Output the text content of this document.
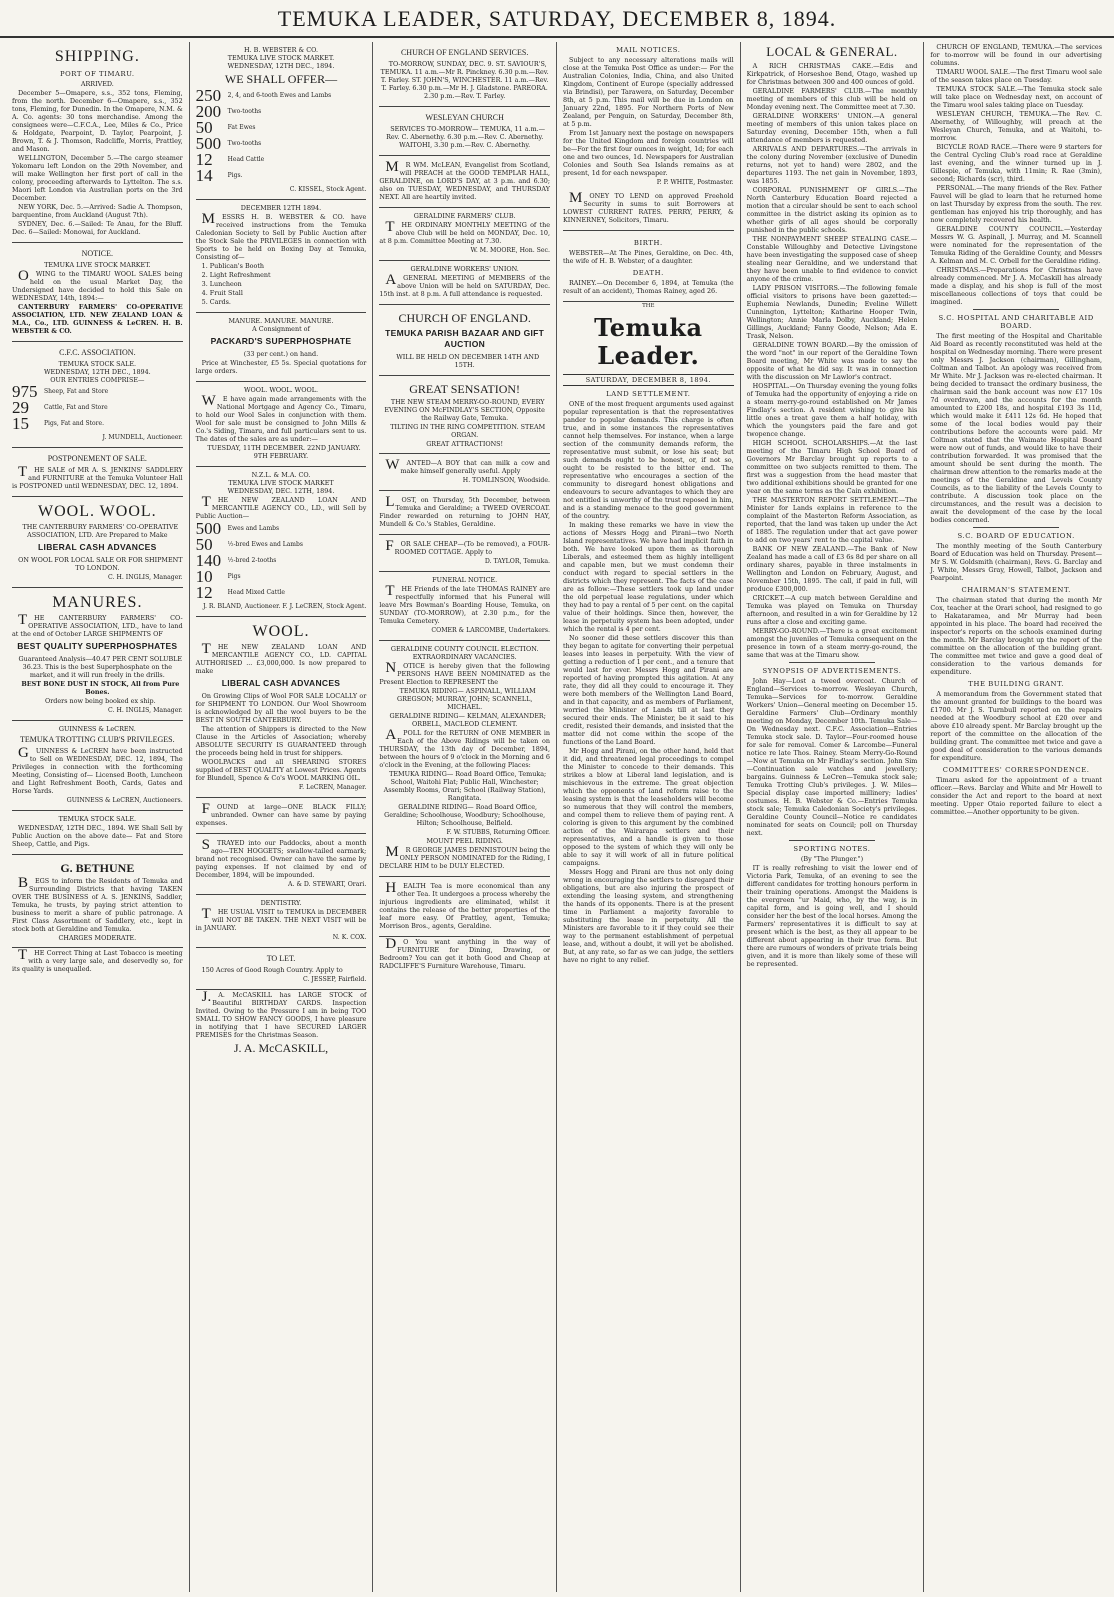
TEMUKA LEADER, SATURDAY, DECEMBER 8, 1894.
SHIPPING.
PORT OF TIMARU.
ARRIVED.
December 5—Omapere, s.s., 352 tons, Fleming, from the north. December 6—Omapere, s.s., 352 tons, Fleming, for Dunedin. In the Omapere, N.M. & A. Co. agents: 30 tons merchandise. Among the consignees were—C.F.C.A., Lee, Miles & Co., Price & Holdgate, Pearpoint, D. Taylor, Pearpoint, J. Brown, T. & J. Thomson, Radcliffe, Morris, Prattley, and Mason.
WELLINGTON, December 5.—The cargo steamer Yokomaru left London on the 29th November, and will make Wellington her first port of call in the colony, proceeding afterwards to Lyttelton. The s.s. Maori left London via Australian ports on the 3rd December.
NEW YORK, Dec. 5.—Arrived: Sadie A. Thompson, barquentine, from Auckland (August 7th).
SYDNEY, Dec. 6.—Sailed: Te Anau, for the Bluff. Dec. 6—Sailed: Monowai, for Auckland.
NOTICE.
TEMUKA LIVE STOCK MARKET.
OWING to the TIMARU WOOL SALES being held on the usual Market Day, the Undersigned have decided to hold this Sale on WEDNESDAY, 14th, 1894:—
CANTERBURY FARMERS' CO-OPERATIVE ASSOCIATION, LTD. NEW ZEALAND LOAN & M.A., Co., LTD. GUINNESS & LeCREN. H. B. WEBSTER & CO.
C.F.C. ASSOCIATION.
TEMUKA STOCK SALE.
WEDNESDAY, 12TH DEC., 1894.
OUR ENTRIES COMPRISE—
975	Sheep, Fat and Store
29	Cattle, Fat and Store
15	Pigs, Fat and Store.
J. MUNDELL, Auctioneer.
POSTPONEMENT OF SALE.
THE SALE of MR A. S. JENKINS' SADDLERY and FURNITURE at the Temuka Volunteer Hall is POSTPONED until WEDNESDAY, DEC. 12, 1894.
WOOL. WOOL.
THE CANTERBURY FARMERS' CO-OPERATIVE ASSOCIATION, LTD. Are Prepared to Make
LIBERAL CASH ADVANCES
ON WOOL FOR LOCAL SALE OR FOR SHIPMENT TO LONDON.
C. H. INGLIS, Manager.
MANURES.
THE CANTERBURY FARMERS' CO-OPERATIVE ASSOCIATION, LTD., have to land at the end of October LARGE SHIPMENTS OF
BEST QUALITY SUPERPHOSPHATES
Guaranteed Analysis—40.47 PER CENT SOLUBLE 36.23. This is the best Superphosphate on the market, and it will run freely in the drills.
BEST BONE DUST IN STOCK, All from Pure Bones.
Orders now being booked ex ship.
C. H. INGLIS, Manager.
GUINNESS & LeCREN.
TEMUKA TROTTING CLUB'S PRIVILEGES.
GUINNESS & LeCREN have been instructed to Sell on WEDNESDAY, DEC. 12, 1894, The Privileges in connection with the forthcoming Meeting, Consisting of— Licensed Booth, Luncheon and Light Refreshment Booth, Cards, Gates and Horse Yards.
GUINNESS & LeCREN, Auctioneers.
TEMUKA STOCK SALE.
WEDNESDAY, 12TH DEC., 1894. WE Shall Sell by Public Auction on the above date— Fat and Store Sheep, Cattle, and Pigs.
G. BETHUNE
BEGS to inform the Residents of Temuka and Surrounding Districts that having TAKEN OVER THE BUSINESS of A. S. JENKINS, Saddler, Temuka, he trusts, by paying strict attention to business to merit a share of public patronage. A First Class Assortment of Saddlery, etc., kept in stock both at Geraldine and Temuka.
CHARGES MODERATE.
THE Correct Thing at Last Tobacco is meeting with a very large sale, and deservedly so, for its quality is unequalled.
H. B. WEBSTER & CO.
TEMUKA LIVE STOCK MARKET.
WEDNESDAY, 12TH DEC., 1894.
WE SHALL OFFER—
250	2, 4, and 6-tooth Ewes and Lambs
200	Two-tooths
50	Fat Ewes
500	Two-tooths
12	Head Cattle
14	Pigs.
C. KISSEL, Stock Agent.
DECEMBER 12TH 1894.
MESSRS H. B. WEBSTER & CO. have received instructions from the Temuka Caledonian Society to Sell by Public Auction after the Stock Sale the PRIVILEGES in connection with Sports to be held on Boxing Day at Temuka, Consisting of—
1. Publican's Booth
2. Light Refreshment
3. Luncheon
4. Fruit Stall
5. Cards.
MANURE. MANURE. MANURE.
A Consignment of
PACKARD'S SUPERPHOSPHATE
(33 per cent.) on hand.
Price at Winchester, £5 5s. Special quotations for large orders.
WOOL. WOOL. WOOL.
WE have again made arrangements with the National Mortgage and Agency Co., Timaru, to hold our Wool Sales in conjunction with them. Wool for sale must be consigned to John Mills & Co.'s Siding, Timaru, and full particulars sent to us. The dates of the sales are as under:—
TUESDAY, 11TH DECEMBER. 22ND JANUARY. 9TH FEBRUARY.
N.Z.L. & M.A. CO.
TEMUKA LIVE STOCK MARKET
WEDNESDAY, DEC. 12TH, 1894.
THE NEW ZEALAND LOAN AND MERCANTILE AGENCY CO., LD., will Sell by Public Auction—
500	Ewes and Lambs
50	½-bred Ewes and Lambs
140	½-bred 2-tooths
10	Pigs
12	Head Mixed Cattle
J. R. BLAND, Auctioneer. F. J. LeCREN, Stock Agent.
WOOL.
THE NEW ZEALAND LOAN AND MERCANTILE AGENCY CO., LD. CAPITAL AUTHORISED ... £3,000,000. Is now prepared to make
LIBERAL CASH ADVANCES
On Growing Clips of Wool FOR SALE LOCALLY or for SHIPMENT TO LONDON. Our Wool Showroom is acknowledged by all the wool buyers to be the BEST IN SOUTH CANTERBURY.
The attention of Shippers is directed to the New Clause in the Articles of Association; whereby ABSOLUTE SECURITY IS GUARANTEED through the proceeds being held in trust for shippers.
WOOLPACKS and all SHEARING STORES supplied of BEST QUALITY at Lowest Prices. Agents for Blundell, Spence & Co's WOOL MARKING OIL.
F. LeCREN, Manager.
FOUND at large—ONE BLACK FILLY; unbranded. Owner can have same by paying expenses.
STRAYED into our Paddocks, about a month ago—TEN HOGGETS; swallow-tailed earmark; brand not recognised. Owner can have the same by paying expenses. If not claimed by end of December, 1894, will be impounded.
A. & D. STEWART, Orari.
DENTISTRY.
THE USUAL VISIT to TEMUKA in DECEMBER will NOT BE TAKEN. THE NEXT VISIT will be in JANUARY.
N. K. COX.
TO LET.
150 Acres of Good Rough Country. Apply to
C. JESSEP, Fairfield.
J.A. McCASKILL has LARGE STOCK of Beautiful BIRTHDAY CARDS. Inspection Invited. Owing to the Pressure I am in being TOO SMALL TO SHOW FANCY GOODS, I have pleasure in notifying that I have SECURED LARGER PREMISES for the Christmas Season.
J. A. McCASKILL,
CHURCH OF ENGLAND SERVICES.
TO-MORROW, SUNDAY, DEC. 9. ST. SAVIOUR'S, TEMUKA. 11 a.m.—Mr R. Pinckney. 6.30 p.m.—Rev. T. Farley. ST. JOHN'S, WINCHESTER. 11 a.m.—Rev. T. Farley. 6.30 p.m.—Mr H. J. Gladstone. PAREORA. 2.30 p.m.—Rev. T. Farley.
WESLEYAN CHURCH
SERVICES TO-MORROW— TEMUKA, 11 a.m.—Rev. C. Abernethy. 6.30 p.m.—Rev. C. Abernethy. WAITOHI, 3.30 p.m.—Rev. C. Abernethy.
MR WM. McLEAN, Evangelist from Scotland, will PREACH at the GOOD TEMPLAR HALL, GERALDINE, on LORD'S DAY, at 3 p.m. and 6.30; also on TUESDAY, WEDNESDAY, and THURSDAY NEXT. All are heartily invited.
GERALDINE FARMERS' CLUB.
THE ORDINARY MONTHLY MEETING of the above Club will be held on MONDAY, Dec. 10, at 8 p.m. Committee Meeting at 7.30.
W. M. MOORE, Hon. Sec.
GERALDINE WORKERS' UNION.
AGENERAL MEETING of MEMBERS of the above Union will be held on SATURDAY, Dec. 15th inst. at 8 p.m. A full attendance is requested.
CHURCH OF ENGLAND.
TEMUKA PARISH BAZAAR AND GIFT AUCTION
WILL BE HELD ON DECEMBER 14TH AND 15TH.
GREAT SENSATION!
THE NEW STEAM MERRY-GO-ROUND, EVERY EVENING ON McFINDLAY'S SECTION, Opposite the Railway Gate, Temuka.
TILTING IN THE RING COMPETITION. STEAM ORGAN.
GREAT ATTRACTIONS!
WANTED—A BOY that can milk a cow and make himself generally useful. Apply
H. TOMLINSON, Woodside.
LOST, on Thursday, 5th December, between Temuka and Geraldine; a TWEED OVERCOAT. Finder rewarded on returning to JOHN HAY, Mundell & Co.'s Stables, Geraldine.
FOR SALE CHEAP—(To be removed), a FOUR-ROOMED COTTAGE. Apply to
D. TAYLOR, Temuka.
FUNERAL NOTICE.
THE Friends of the late THOMAS RAINEY are respectfully informed that his Funeral will leave Mrs Bowman's Boarding House, Temuka, on SUNDAY (TO-MORROW), at 2.30 p.m., for the Temuka Cemetery.
COMER & LARCOMBE, Undertakers.
GERALDINE COUNTY COUNCIL ELECTION.
EXTRAORDINARY VACANCIES.
NOTICE is hereby given that the following PERSONS HAVE BEEN NOMINATED as the Present Election to REPRESENT the
TEMUKA RIDING— ASPINALL, WILLIAM GREGSON; MURRAY, JOHN; SCANNELL, MICHAEL.
GERALDINE RIDING— KELMAN, ALEXANDER; ORBELL, MACLEOD CLEMENT.
APOLL for the RETURN of ONE MEMBER in Each of the Above Ridings will be taken on THURSDAY, the 13th day of December, 1894, between the hours of 9 o'clock in the Morning and 6 o'clock in the Evening, at the following Places:
TEMUKA RIDING— Road Board Office, Temuka; School, Waitohi Flat; Public Hall, Winchester; Assembly Rooms, Orari; School (Railway Station), Rangitata.
GERALDINE RIDING— Road Board Office, Geraldine; Schoolhouse, Woodbury; Schoolhouse, Hilton; Schoolhouse, Belfield.
F. W. STUBBS, Returning Officer.
MOUNT PEEL RIDING.
MR GEORGE JAMES DENNISTOUN being the ONLY PERSON NOMINATED for the Riding, I DECLARE HIM to be DULY ELECTED.
HEALTH Tea is more economical than any other Tea. It undergoes a process whereby the injurious ingredients are eliminated, whilst it contains the release of the better properties of the leaf more easy. Of Prattley, agent, Temuka; Morrison Bros., agents, Geraldine.
DO You want anything in the way of FURNITURE for Dining, Drawing, or Bedroom? You can get it both Good and Cheap at RADCLIFFE'S Furniture Warehouse, Timaru.
MAIL NOTICES.
Subject to any necessary alterations mails will close at the Temuka Post Office as under:— For the Australian Colonies, India, China, and also United Kingdom, Continent of Europe (specially addressed via Brindisi), per Tarawera, on Saturday, December 8th, at 5 p.m. This mail will be due in London on January 22nd, 1895. For Northern Ports of New Zealand, per Penguin, on Saturday, December 8th, at 5 p.m.
From 1st January next the postage on newspapers for the United Kingdom and foreign countries will be—For the first four ounces in weight, 1d; for each one and two ounces, 1d. Newspapers for Australian Colonies and South Sea Islands remains as at present, 1d for each newspaper.
P. P. WHITE, Postmaster.
MONEY TO LEND on approved Freehold Security in sums to suit Borrowers at LOWEST CURRENT RATES. PERRY, PERRY, & KINNERNEY, Solicitors, Timaru.
BIRTH.
WEBSTER—At The Pines, Geraldine, on Dec. 4th, the wife of H. B. Webster, of a daughter.
DEATH.
RAINEY.—On December 6, 1894, at Temuka (the result of an accident), Thomas Rainey, aged 26.
THE
Temuka Leader.
SATURDAY, DECEMBER 8, 1894.
LAND SETTLEMENT.
ONE of the most frequent arguments used against popular representation is that the representatives pander to popular demands. This charge is often true, and in some instances the representatives cannot help themselves. For instance, when a large section of the community demands reform, the representative must submit, or lose his seat; but such demands ought to be honest, or, if not so, ought to be resisted to the bitter end. The representative who encourages a section of the community to disregard honest obligations and endeavours to secure advantages to which they are not entitled is unworthy of the trust reposed in him, and is a standing menace to the good government of the country.
In making these remarks we have in view the actions of Messrs Hogg and Pirani—two North Island representatives. We have had implicit faith in both. We have looked upon them as thorough Liberals, and esteemed them as highly intelligent and capable men, but we must condemn their conduct with regard to special settlers in the districts which they represent. The facts of the case are as follow:—These settlers took up land under the old perpetual lease regulations, under which they had to pay a rental of 5 per cent. on the capital value of their holdings. Since then, however, the lease in perpetuity system has been adopted, under which the rental is 4 per cent.
No sooner did these settlers discover this than they began to agitate for converting their perpetual leases into leases in perpetuity. With the view of getting a reduction of 1 per cent., and a tenure that would last for ever. Messrs Hogg and Pirani are reported of having prompted this agitation. At any rate, they did all they could to encourage it. They were both members of the Wellington Land Board, and in that capacity, and as members of Parliament, worried the Minister of Lands till at last they secured their ends. The Minister, be it said to his credit, resisted their demands, and insisted that the matter did not come within the scope of the functions of the Land Board.
Mr Hogg and Pirani, on the other hand, held that it did, and threatened legal proceedings to compel the Minister to concede to their demands. This strikes a blow at Liberal land legislation, and is mischievous in the extreme. The great objection which the opponents of land reform raise to the leasing system is that the leaseholders will become so numerous that they will control the members, and compel them to relieve them of paying rent. A coloring is given to this argument by the combined action of the Wairarapa settlers and their representatives, and a handle is given to those opposed to the system of which they will only be able to say it will work of all in future political campaigns.
Messrs Hogg and Pirani are thus not only doing wrong in encouraging the settlers to disregard their obligations, but are also injuring the prospect of extending the leasing system, and strengthening the hands of its opponents. There is at the present time in Parliament a majority favorable to substituting the lease in perpetuity. All the Ministers are favorable to it if they could see their way to the permanent establishment of perpetual lease, and, without a doubt, it will yet be abolished. But, at any rate, so far as we can judge, the settlers have no right to any relief.
LOCAL & GENERAL.
A RICH CHRISTMAS CAKE.—Edis and Kirkpatrick, of Horseshoe Bend, Otago, washed up for Christmas between 300 and 400 ounces of gold.
GERALDINE FARMERS' CLUB.—The monthly meeting of members of this club will be held on Monday evening next. The Committee meet at 7.30.
GERALDINE WORKERS' UNION.—A general meeting of members of this union takes place on Saturday evening, December 15th, when a full attendance of members is requested.
ARRIVALS AND DEPARTURES.—The arrivals in the colony during November (exclusive of Dunedin returns, not yet to hand) were 2802, and the departures 1193. The net gain in November, 1893, was 1855.
CORPORAL PUNISHMENT OF GIRLS.—The North Canterbury Education Board rejected a motion that a circular should be sent to each school committee in the district asking its opinion as to whether girls of all ages should be corporally punished in the public schools.
THE NONPAYMENT SHEEP STEALING CASE.—Constable Willoughby and Detective Livingstone have been investigating the supposed case of sheep stealing near Geraldine, and we understand that they have been unable to find evidence to convict anyone of the crime.
LADY PRISON VISITORS.—The following female official visitors to prisons have been gazetted:—Euphemia Newlands, Dunedin; Eveline Willett Cunnington, Lyttelton; Katharine Hooper Twin, Wellington; Annie Marla Dolby, Auckland; Helen Gillings, Auckland; Fanny Goode, Nelson; Ada E. Trask, Nelson.
GERALDINE TOWN BOARD.—By the omission of the word "not" in our report of the Geraldine Town Board meeting, Mr White was made to say the opposite of what he did say. It was in connection with the discussion on Mr Lawlor's contract.
HOSPITAL.—On Thursday evening the young folks of Temuka had the opportunity of enjoying a ride on a steam merry-go-round established on Mr James Findlay's section. A resident wishing to give his little ones a treat gave them a half holiday, with which the youngsters paid the fare and got twopence change.
HIGH SCHOOL SCHOLARSHIPS.—At the last meeting of the Timaru High School Board of Governors Mr Barclay brought up reports to a committee on two subjects remitted to them. The first was a suggestion from the head master that two additional exhibitions should be granted for one year on the same terms as the Cain exhibition.
THE MASTERTON REPORT SETTLEMENT.—The Minister for Lands explains in reference to the complaint of the Masterton Reform Association, as reported, that the land was taken up under the Act of 1885. The regulation under that act gave power to add on two years' rent to the capital value.
BANK OF NEW ZEALAND.—The Bank of New Zealand has made a call of £3 6s 8d per share on all ordinary shares, payable in three instalments in Wellington and London on February, August, and November 15th, 1895. The call, if paid in full, will produce £300,000.
CRICKET.—A cup match between Geraldine and Temuka was played on Temuka on Thursday afternoon, and resulted in a win for Geraldine by 12 runs after a close and exciting game.
MERRY-GO-ROUND.—There is a great excitement amongst the juveniles of Temuka consequent on the presence in town of a steam merry-go-round, the same that was at the Timaru show.
SYNOPSIS OF ADVERTISEMENTS.
John Hay—Lost a tweed overcoat. Church of England—Services to-morrow. Wesleyan Church, Temuka—Services for to-morrow. Geraldine Workers' Union—General meeting on December 15. Geraldine Farmers' Club—Ordinary monthly meeting on Monday, December 10th. Temuka Sale—On Wednesday next. C.F.C. Association—Entries Temuka stock sale. D. Taylor—Four-roomed house for sale for removal. Comer & Larcombe—Funeral notice re late Thos. Rainey. Steam Merry-Go-Round—Now at Temuka on Mr Findlay's section. John Sim—Continuation sale watches and jewellery; bargains. Guinness & LeCren—Temuka stock sale; Temuka Trotting Club's privileges. J. W. Miles—Special display case imported millinery; ladies' costumes. H. B. Webster & Co.—Entries Temuka stock sale; Temuka Caledonian Society's privileges. Geraldine County Council—Notice re candidates nominated for seats on Council; poll on Thursday next.
SPORTING NOTES.
(By "The Plunger.")
IT is really refreshing to visit the lower end of Victoria Park, Temuka, of an evening to see the different candidates for trotting honours perform in their training operations. Amongst the Maidens is the evergreen "ur Maid, who, by the way, is in capital form, and is going well, and I should consider her the best of the local horses. Among the Farmers' representatives it is difficult to say at present which is the best, as they all appear to be different about appearing in their true form. But there are rumours of wonders of private trials being given, and it is more than likely some of these will be represented.
CHURCH OF ENGLAND, TEMUKA.—The services for to-morrow will be found in our advertising columns.
TIMARU WOOL SALE.—The first Timaru wool sale of the season takes place on Tuesday.
TEMUKA STOCK SALE.—The Temuka stock sale will take place on Wednesday next, on account of the Timaru wool sales taking place on Tuesday.
WESLEYAN CHURCH, TEMUKA.—The Rev. C. Abernethy, of Willoughby, will preach at the Wesleyan Church, Temuka, and at Waitohi, to-morrow.
BICYCLE ROAD RACE.—There were 9 starters for the Central Cycling Club's road race at Geraldine last evening, and the winner turned up in J. Gillespie, of Temuka, with 11min; R. Rae (3min), second; Richards (scr), third.
PERSONAL.—The many friends of the Rev. Father Fauvel will be glad to learn that he returned home on last Thursday by express from the south. The rev. gentleman has enjoyed his trip thoroughly, and has now completely recovered his health.
GERALDINE COUNTY COUNCIL.—Yesterday Messrs W. G. Aspinall, J. Murray, and M. Scannell were nominated for the representation of the Temuka Riding of the Geraldine County, and Messrs A. Kelman and M. C. Orbell for the Geraldine riding.
CHRISTMAS.—Preparations for Christmas have already commenced. Mr J. A. McCaskill has already made a display, and his shop is full of the most miscellaneous collections of toys that could be imagined.
S.C. HOSPITAL AND CHARITABLE AID BOARD.
The first meeting of the Hospital and Charitable Aid Board as recently reconstituted was held at the hospital on Wednesday morning. There were present only Messrs J. Jackson (chairman), Gillingham, Coltman and Talbot. An apology was received from Mr White. Mr J. Jackson was re-elected chairman. It being decided to transact the ordinary business, the chairman said the bank account was now £17 10s 7d overdrawn, and the accounts for the month amounted to £200 18s, and hospital £193 3s 11d, which would make it £411 12s 6d. He hoped that some of the local bodies would pay their contributions before the accounts were paid. Mr Coltman stated that the Waimate Hospital Board were now out of funds, and would like to have their contribution forwarded. It was promised that the amount should be sent during the month. The chairman drew attention to the remarks made at the meetings of the Geraldine and Levels County Councils, as to the liability of the Levels County to contribute. A discussion took place on the circumstances, and the result was a decision to await the development of the case by the local bodies concerned.
S.C. BOARD OF EDUCATION.
The monthly meeting of the South Canterbury Board of Education was held on Thursday. Present—Mr S. W. Goldsmith (chairman), Revs. G. Barclay and J. White, Messrs Gray, Howell, Talbot, Jackson and Pearpoint.
CHAIRMAN'S STATEMENT.
The chairman stated that during the month Mr Cox, teacher at the Orari school, had resigned to go to Hakataramea, and Mr Murray had been appointed in his place. The board had received the inspector's reports on the schools examined during the month. Mr Barclay brought up the report of the committee on the allocation of the building grant. The committee met twice and gave a good deal of consideration to the various demands for expenditure.
THE BUILDING GRANT.
A memorandum from the Government stated that the amount granted for buildings to the board was £1700. Mr J. S. Turnbull reported on the repairs needed at the Woodbury school at £20 over and above £10 already spent. Mr Barclay brought up the report of the committee on the allocation of the building grant. The committee met twice and gave a good deal of consideration to the various demands for expenditure.
COMMITTEES' CORRESPONDENCE.
Timaru asked for the appointment of a truant officer.—Revs. Barclay and White and Mr Howell to consider the Act and report to the board at next meeting. Upper Otaio reported failure to elect a committee.—Another opportunity to be given.
